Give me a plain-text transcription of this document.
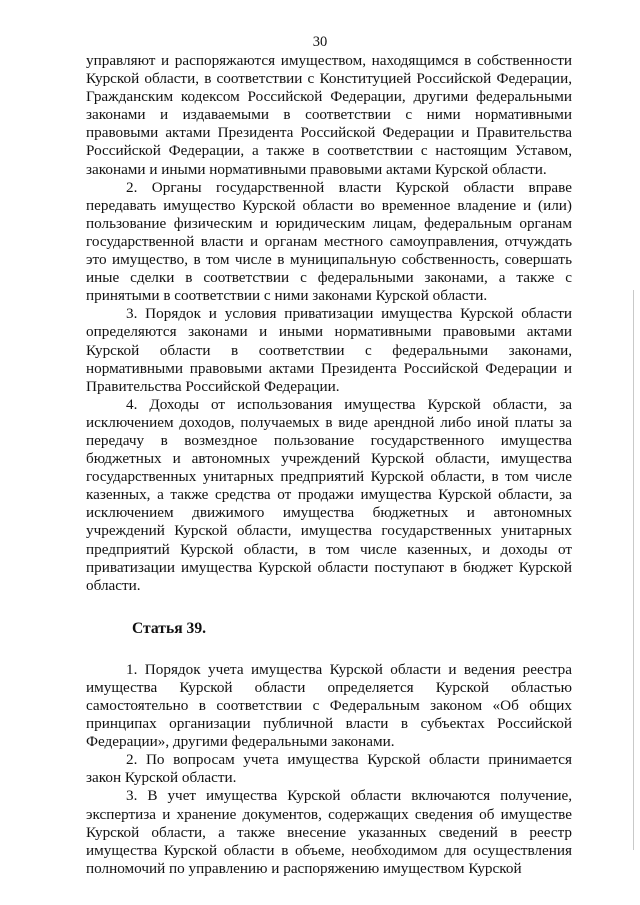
30

управляют и распоряжаются имуществом, находящимся в собственности Курской области, в соответствии с Конституцией Российской Федерации, Гражданским кодексом Российской Федерации, другими федеральными законами и издаваемыми в соответствии с ними нормативными правовыми актами Президента Российской Федерации и Правительства Российской Федерации, а также в соответствии с настоящим Уставом, законами и иными нормативными правовыми актами Курской области.

2. Органы государственной власти Курской области вправе передавать имущество Курской области во временное владение и (или) пользование физическим и юридическим лицам, федеральным органам государственной власти и органам местного самоуправления, отчуждать это имущество, в том числе в муниципальную собственность, совершать иные сделки в соответствии с федеральными законами, а также с принятыми в соответствии с ними законами Курской области.

3. Порядок и условия приватизации имущества Курской области определяются законами и иными нормативными правовыми актами Курской области в соответствии с федеральными законами, нормативными правовыми актами Президента Российской Федерации и Правительства Российской Федерации.

4. Доходы от использования имущества Курской области, за исключением доходов, получаемых в виде арендной либо иной платы за передачу в возмездное пользование государственного имущества бюджетных и автономных учреждений Курской области, имущества государственных унитарных предприятий Курской области, в том числе казенных, а также средства от продажи имущества Курской области, за исключением движимого имущества бюджетных и автономных учреждений Курской области, имущества государственных унитарных предприятий Курской области, в том числе казенных, и доходы от приватизации имущества Курской области поступают в бюджет Курской области.

Статья 39.

1. Порядок учета имущества Курской области и ведения реестра имущества Курской области определяется Курской областью самостоятельно в соответствии с Федеральным законом «Об общих принципах организации публичной власти в субъектах Российской Федерации», другими федеральными законами.

2. По вопросам учета имущества Курской области принимается закон Курской области.

3. В учет имущества Курской области включаются получение, экспертиза и хранение документов, содержащих сведения об имуществе Курской области, а также внесение указанных сведений в реестр имущества Курской области в объеме, необходимом для осуществления полномочий по управлению и распоряжению имуществом Курской
